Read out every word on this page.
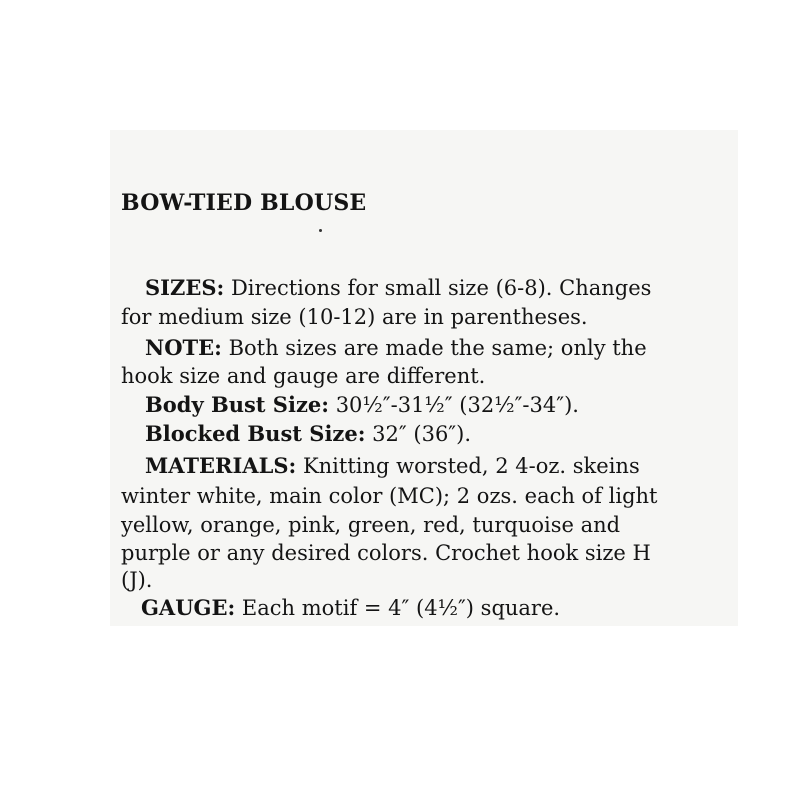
BOW-TIED BLOUSE

SIZES: Directions for small size (6-8). Changes

for medium size (10-12) are in parentheses.

NOTE: Both sizes are made the same; only the

hook size and gauge are different.

Body Bust Size: 30½″-31½″ (32½″-34″).

Blocked Bust Size: 32″ (36″).

MATERIALS: Knitting worsted, 2 4-oz. skeins

winter white, main color (MC); 2 ozs. each of light

yellow, orange, pink, green, red, turquoise and

purple or any desired colors. Crochet hook size H

(J).

GAUGE: Each motif = 4″ (4½″) square.
